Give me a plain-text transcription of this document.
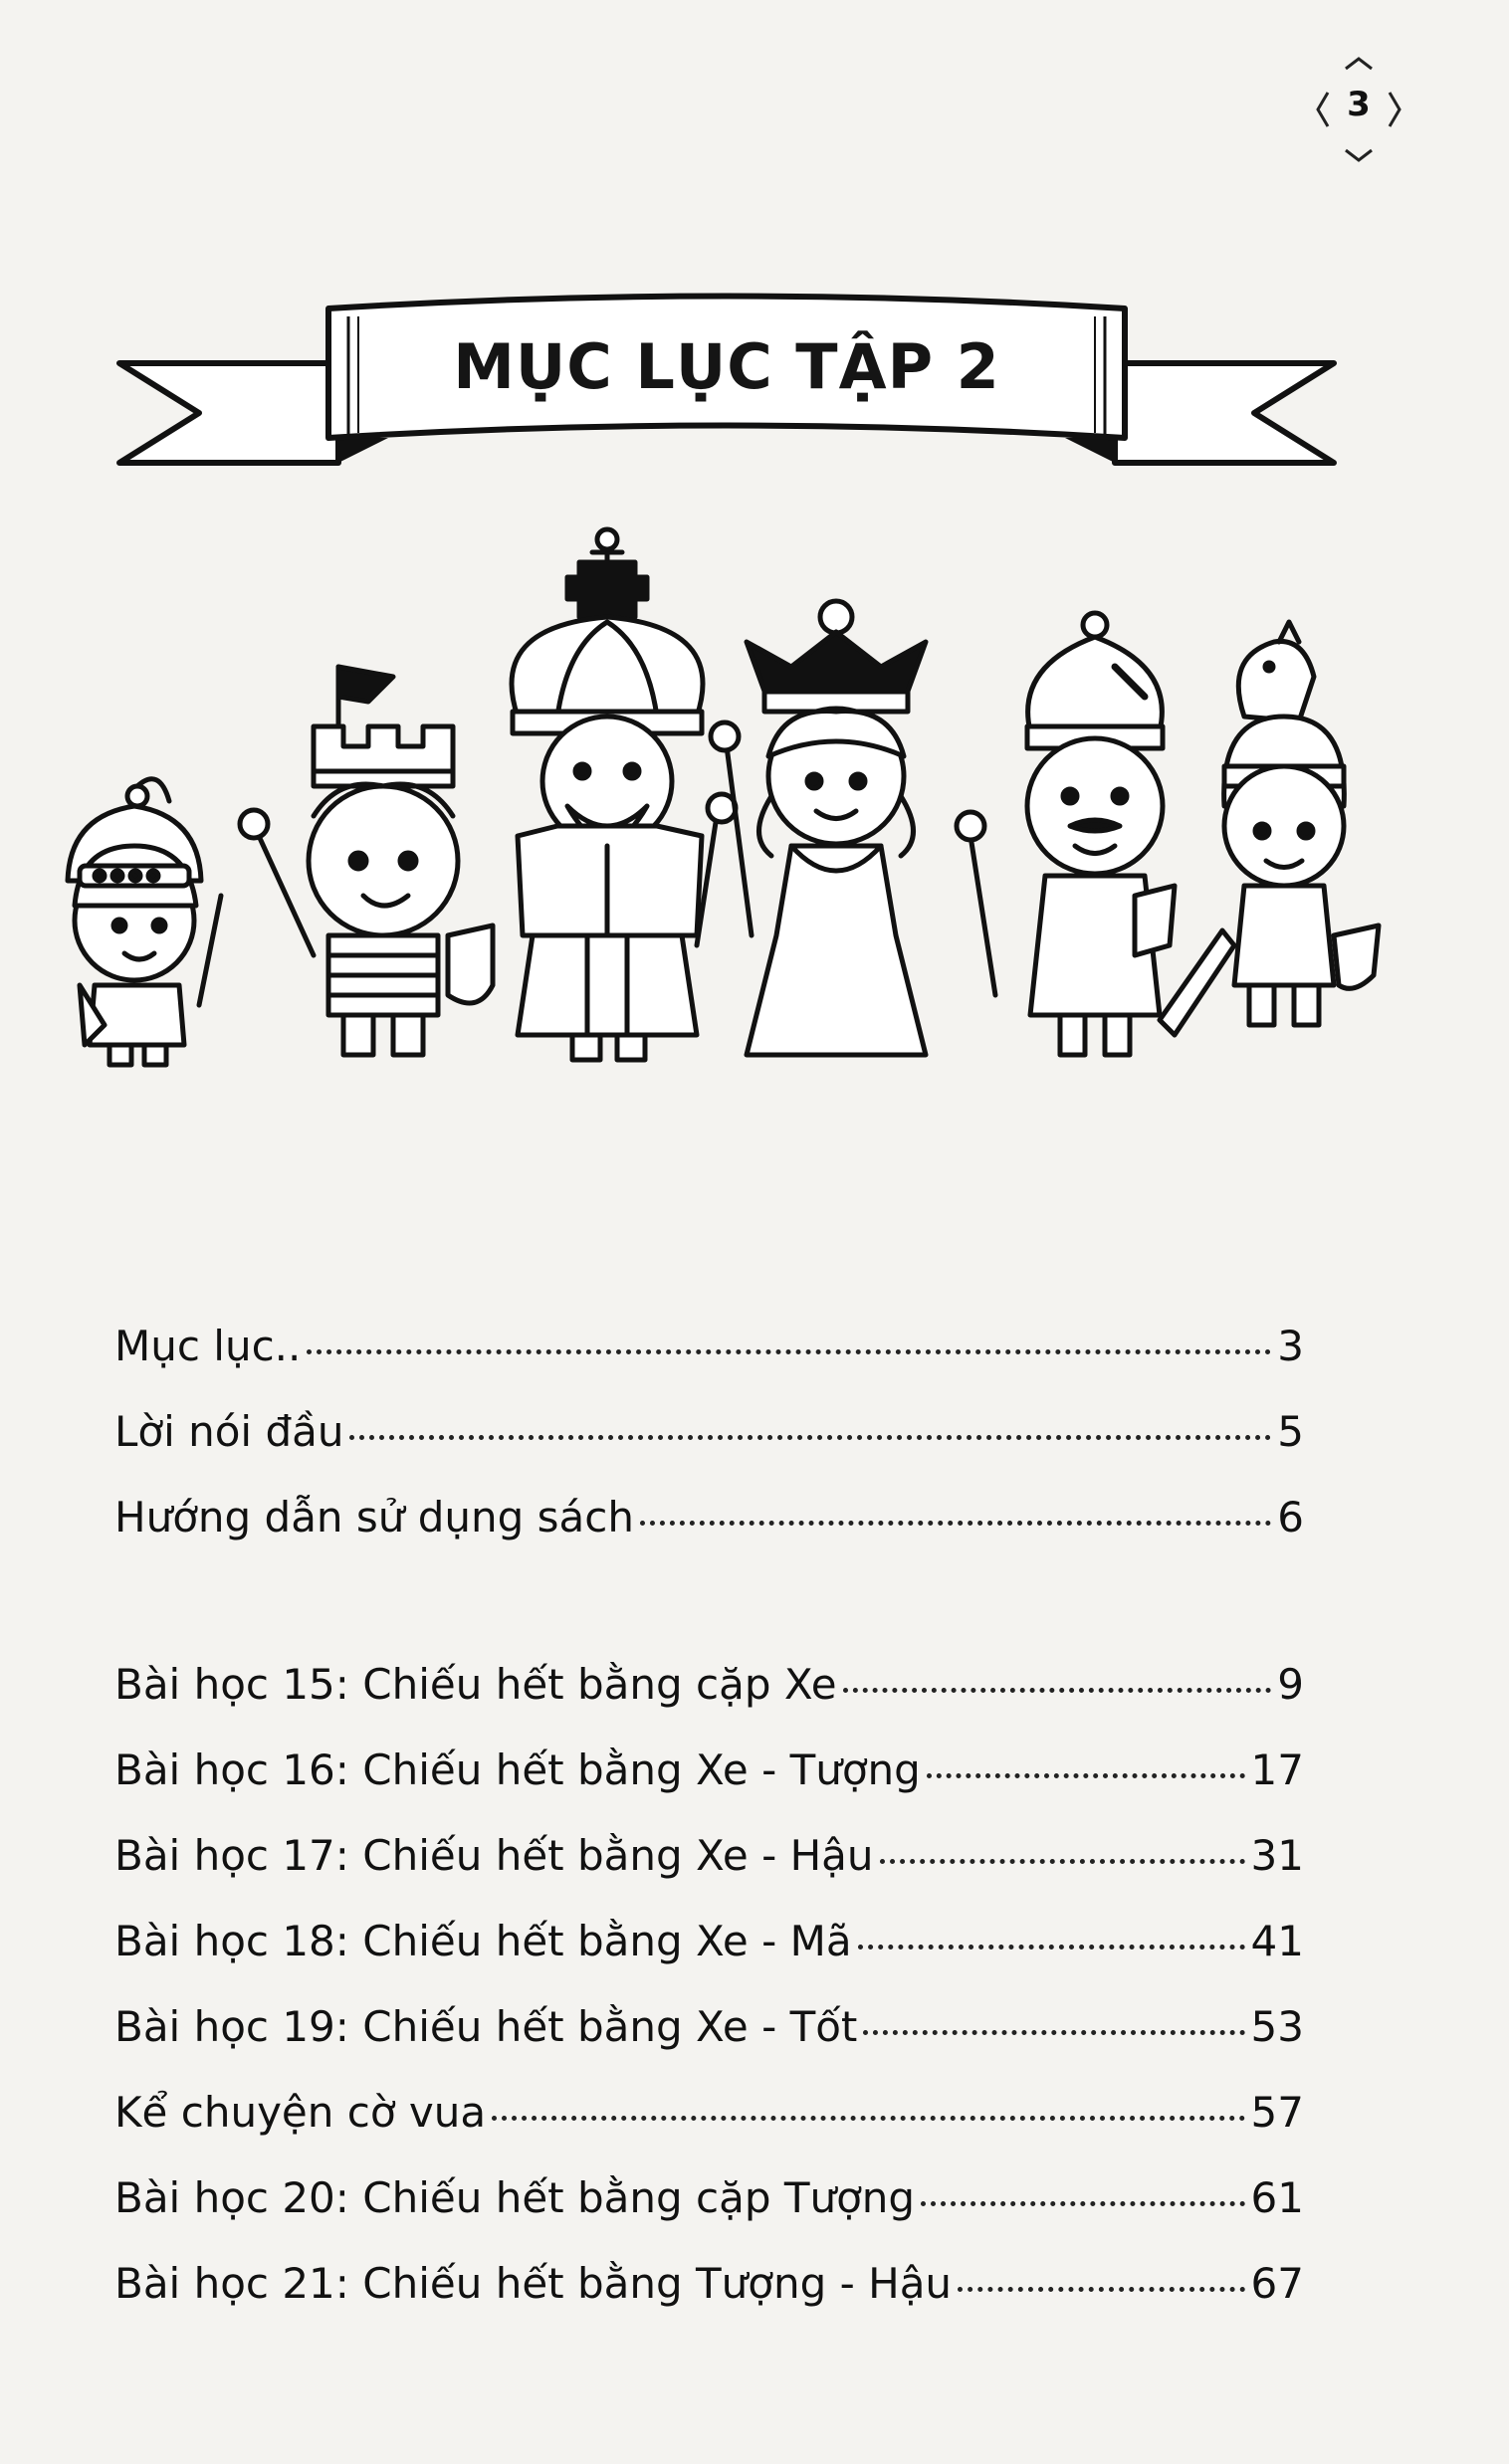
3
MỤC LỤC TẬP 2
Mục lục..	3
Lời nói đầu	5
Hướng dẫn sử dụng sách	6
Bài học 15: Chiếu hết bằng cặp Xe	9
Bài học 16: Chiếu hết bằng Xe - Tượng	17
Bài học 17: Chiếu hết bằng Xe - Hậu	31
Bài học 18: Chiếu hết bằng Xe - Mã	41
Bài học 19: Chiếu hết bằng Xe - Tốt	53
Kể chuyện cờ vua	57
Bài học 20: Chiếu hết bằng cặp Tượng	61
Bài học 21: Chiếu hết bằng Tượng - Hậu	67
